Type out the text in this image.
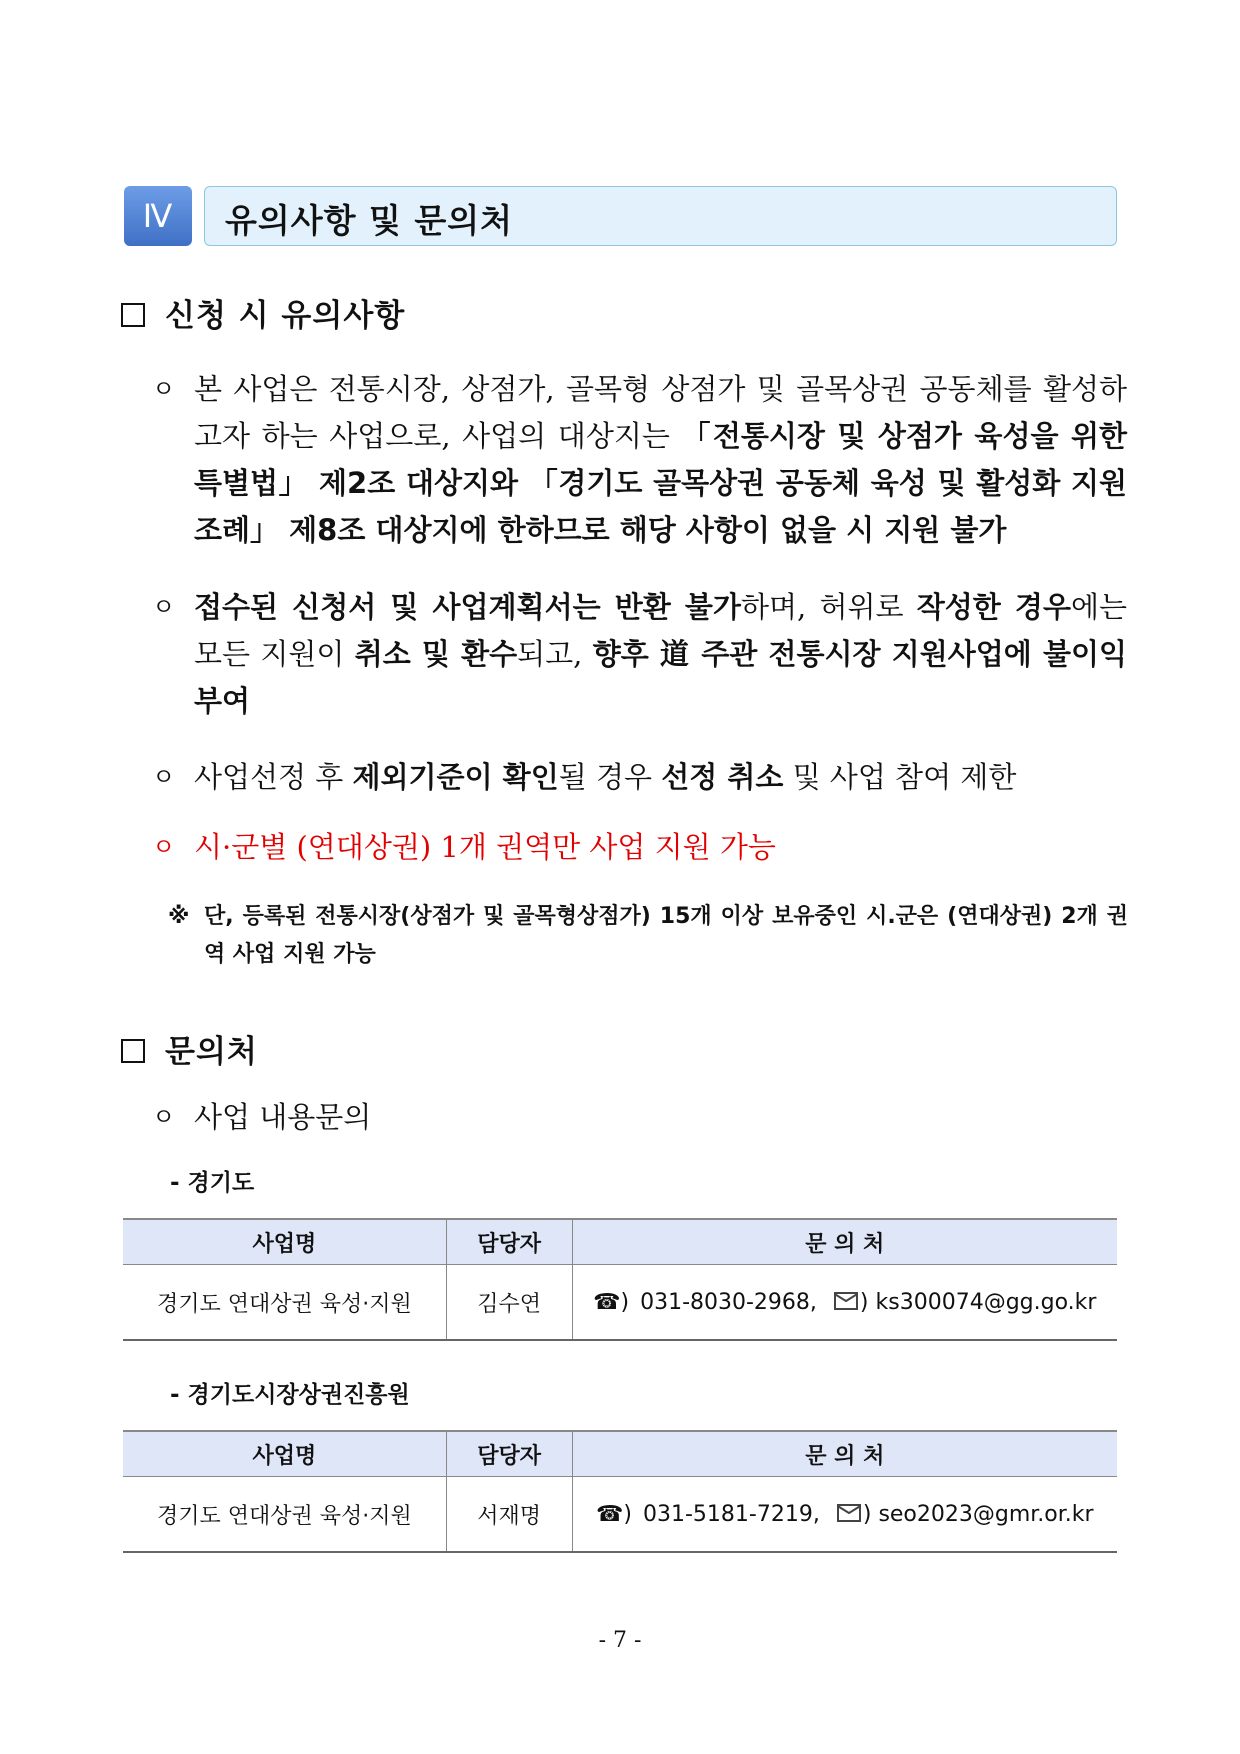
Ⅳ	유의사항 및 문의처
신청 시 유의사항
ㅇ 본 사업은 전통시장, 상점가, 골목형 상점가 및 골목상권 공동체를 활성하고자 하는 사업으로, 사업의 대상지는 「전통시장 및 상점가 육성을 위한 특별법」 제2조 대상지와 「경기도 골목상권 공동체 육성 및 활성화 지원 조례」 제8조 대상지에 한하므로 해당 사항이 없을 시 지원 불가
ㅇ 접수된 신청서 및 사업계획서는 반환 불가하며, 허위로 작성한 경우에는 모든 지원이 취소 및 환수되고, 향후 道 주관 전통시장 지원사업에 불이익 부여
ㅇ 사업선정 후 제외기준이 확인될 경우 선정 취소 및 사업 참여 제한
ㅇ 시·군별 (연대상권) 1개 권역만 사업 지원 가능
※ 단, 등록된 전통시장(상점가 및 골목형상점가) 15개 이상 보유중인 시.군은 (연대상권) 2개 권역 사업 지원 가능
문의처
ㅇ 사업 내용문의
- 경기도
사업명	담당자	문 의 처
경기도 연대상권 육성·지원	김수연	☎) 031-8030-2968, ) ks300074@gg.go.kr
- 경기도시장상권진흥원
사업명	담당자	문 의 처
경기도 연대상권 육성·지원	서재명	☎) 031-5181-7219, ) seo2023@gmr.or.kr
- 7 -
